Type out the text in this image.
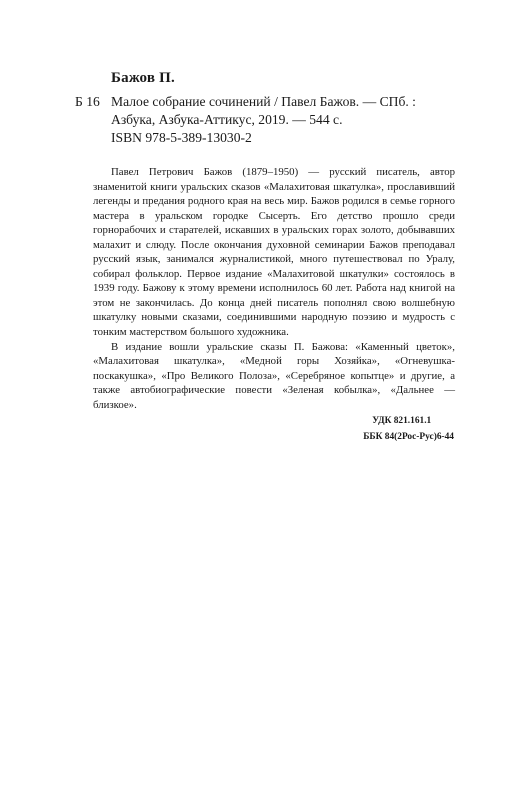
Бажов П.
Б 16 Малое собрание сочинений / Павел Бажов. — СПб. :
Азбука, Азбука-Аттикус, 2019. — 544 с.
ISBN 978-5-389-13030-2

Павел Петрович Бажов (1879–1950) — русский писатель, автор знаменитой книги уральских сказов «Малахитовая шкатулка», прославивший легенды и предания родного края на весь мир. Бажов родился в семье горного мастера в уральском городке Сысерть. Его детство прошло среди горнорабочих и старателей, искавших в уральских горах золото, добывавших малахит и слюду. После окончания духовной семинарии Бажов преподавал русский язык, занимался журналистикой, много путешествовал по Уралу, собирал фольклор. Первое издание «Малахитовой шкатулки» состоялось в 1939 году. Бажову к этому времени исполнилось 60 лет. Работа над книгой на этом не закончилась. До конца дней писатель пополнял свою волшебную шкатулку новыми сказами, соединившими народную поэзию и мудрость с тонким мастерством большого художника.

В издание вошли уральские сказы П. Бажова: «Каменный цветок», «Малахитовая шкатулка», «Медной горы Хозяйка», «Огневушка-поскакушка», «Про Великого Полоза», «Серебряное копытце» и другие, а также автобиографические повести «Зеленая кобылка», «Дальнее — близкое».

УДК 821.161.1
ББК 84(2Рос-Рус)6-44
